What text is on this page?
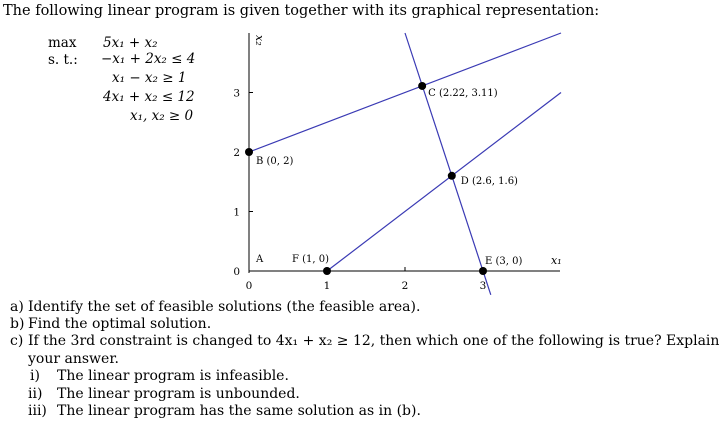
The following linear program is given together with its graphical representation:
max 5x₁ + x₂
s. t.: −x₁ + 2x₂ ≤ 4
x₁ − x₂ ≥ 1
4x₁ + x₂ ≤ 12
x₁, x₂ ≥ 0
x₁
x₂
0	1	2	3
0
1
2
3
A
B (0, 2)
C (2.22, 3.11)
D (2.6, 1.6)
E (3, 0)
F (1, 0)
a) Identify the set of feasible solutions (the feasible area).
b) Find the optimal solution.
c) If the 3rd constraint is changed to 4x₁ + x₂ ≥ 12, then which one of the following is true? Explain
your answer.
i) The linear program is infeasible.
ii) The linear program is unbounded.
iii) The linear program has the same solution as in (b).
